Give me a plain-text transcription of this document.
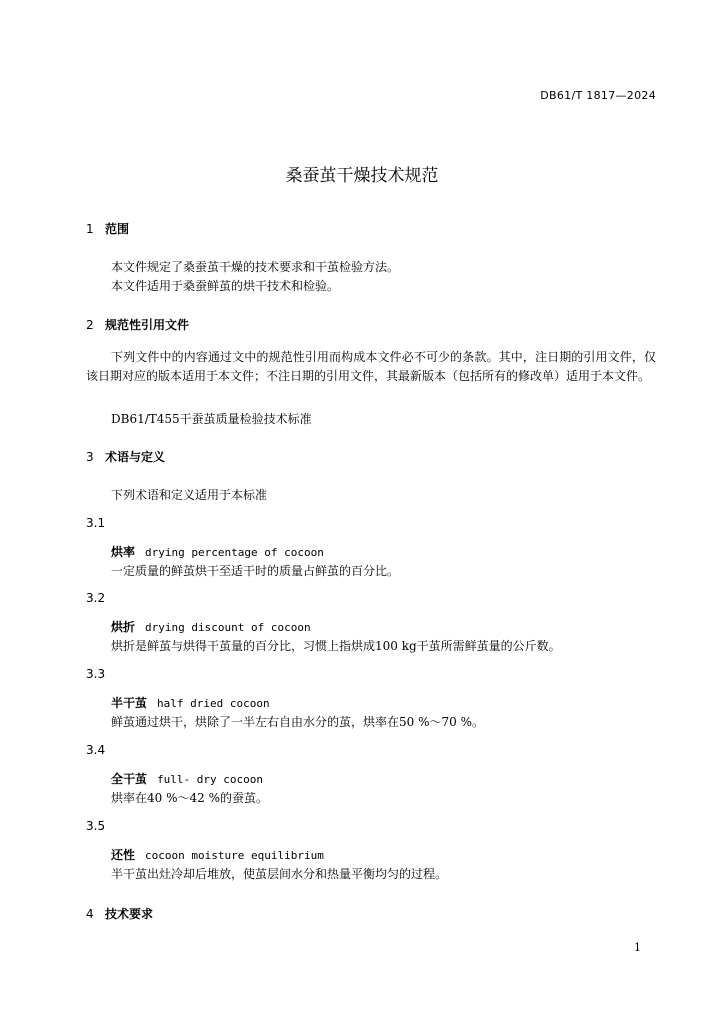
DB61/T 1817—2024
桑蚕茧干燥技术规范
1 范围
本文件规定了桑蚕茧干燥的技术要求和干茧检验方法。
本文件适用于桑蚕鲜茧的烘干技术和检验。
2 规范性引用文件
下列文件中的内容通过文中的规范性引用而构成本文件必不可少的条款。其中，注日期的引用文件，仅该日期对应的版本适用于本文件；不注日期的引用文件，其最新版本（包括所有的修改单）适用于本文件。
DB61/T455干蚕茧质量检验技术标准
3 术语与定义
下列术语和定义适用于本标准
3.1
烘率 drying percentage of cocoon
一定质量的鲜茧烘干至适干时的质量占鲜茧的百分比。
3.2
烘折 drying discount of cocoon
烘折是鲜茧与烘得干茧量的百分比，习惯上指烘成100 kg干茧所需鲜茧量的公斤数。
3.3
半干茧 half dried cocoon
鲜茧通过烘干，烘除了一半左右自由水分的茧，烘率在50 %～70 %。
3.4
全干茧 full- dry cocoon
烘率在40 %～42 %的蚕茧。
3.5
还性 cocoon moisture equilibrium
半干茧出灶冷却后堆放，使茧层间水分和热量平衡均匀的过程。
4 技术要求
1
